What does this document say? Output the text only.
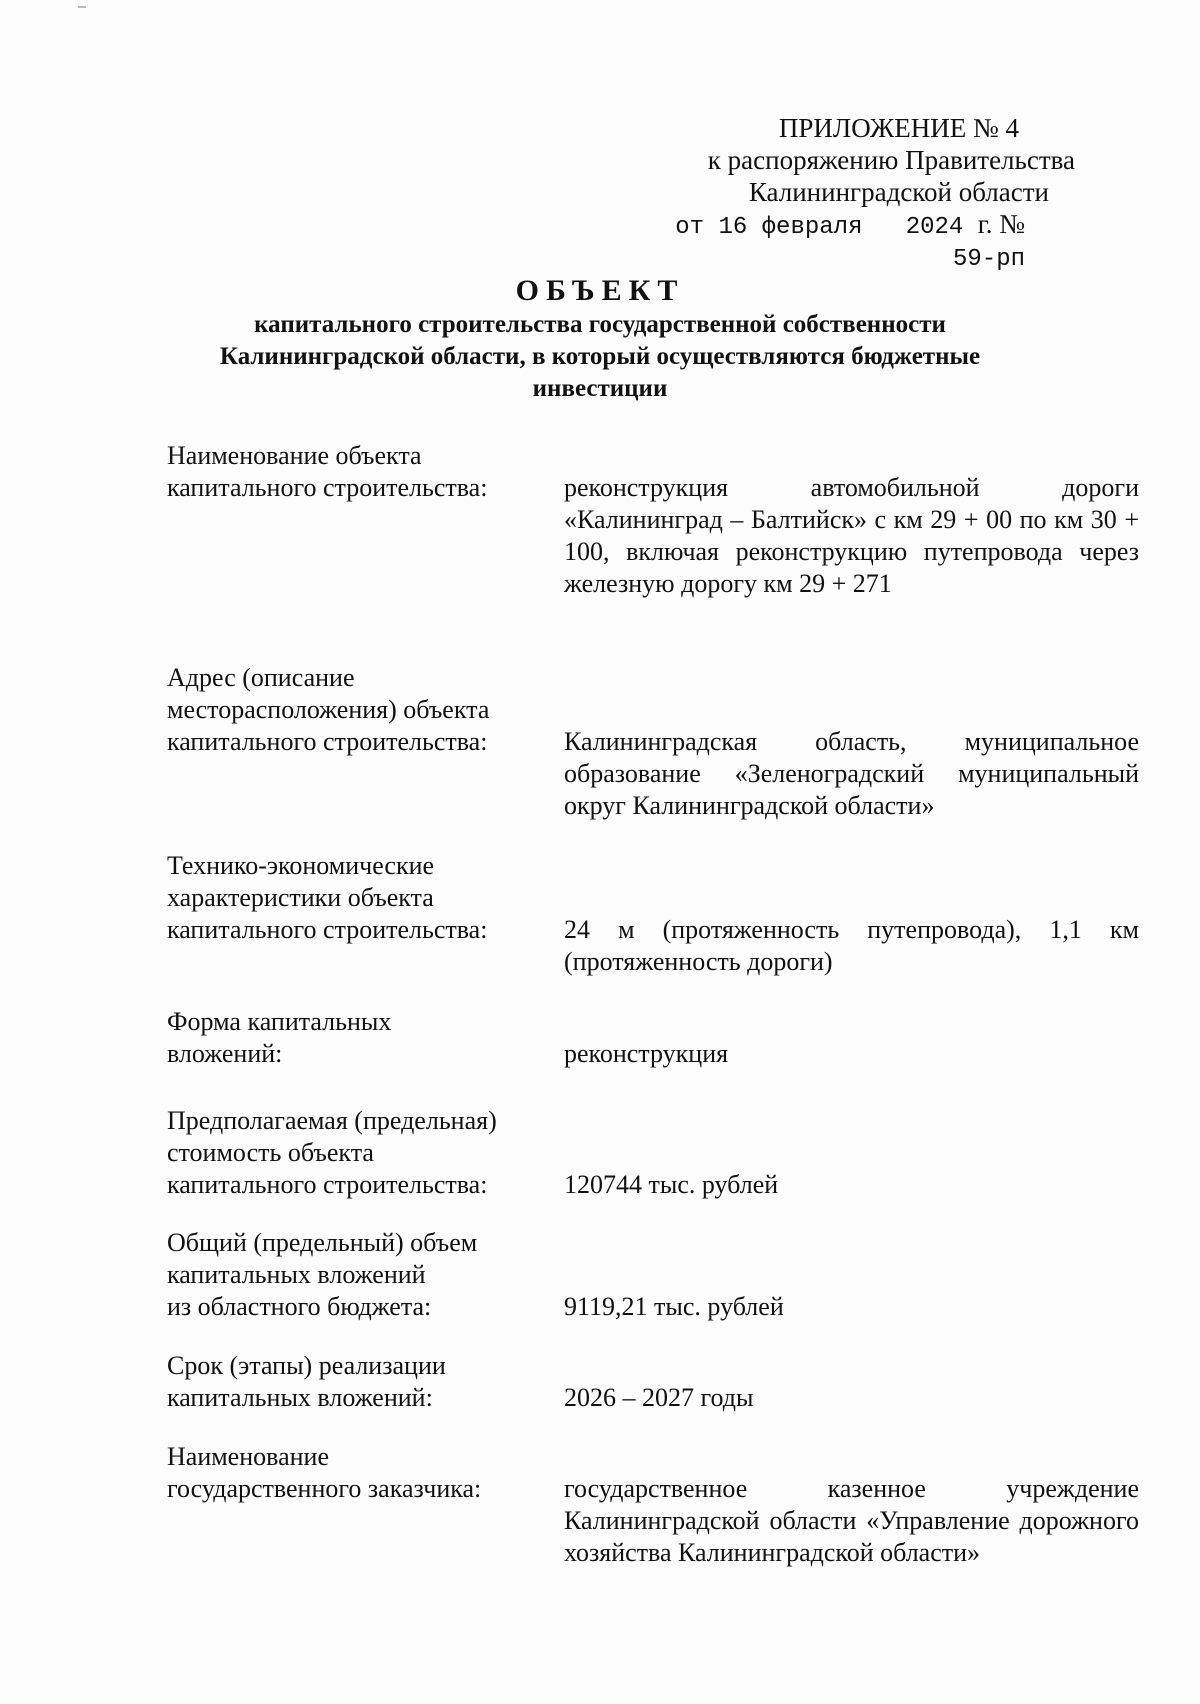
ПРИЛОЖЕНИЕ № 4
к распоряжению Правительства
Калининградской области
от 16 февраля 2024 г. № 59-рп
ОБЪЕКТ
капитального строительства государственной собственности
Калининградской области, в который осуществляются бюджетные
инвестиции
Наименование объекта
капитального строительства:	реконструкция автомобильной дороги «Калининград – Балтийск» с км 29 + 00 по км 30 + 100, включая реконструкцию путепровода через железную дорогу км 29 + 271
Адрес (описание
месторасположения) объекта
капитального строительства:	Калининградская область, муниципальное образование «Зеленоградский муниципальный округ Калининградской области»
Технико-экономические
характеристики объекта
капитального строительства:	24 м (протяженность путепровода), 1,1 км (протяженность дороги)
Форма капитальных
вложений:	реконструкция
Предполагаемая (предельная)
стоимость объекта
капитального строительства:	120744 тыс. рублей
Общий (предельный) объем
капитальных вложений
из областного бюджета:	9119,21 тыс. рублей
Срок (этапы) реализации
капитальных вложений:	2026 – 2027 годы
Наименование
государственного заказчика:	государственное казенное учреждение Калининградской области «Управление дорожного хозяйства Калининградской области»
